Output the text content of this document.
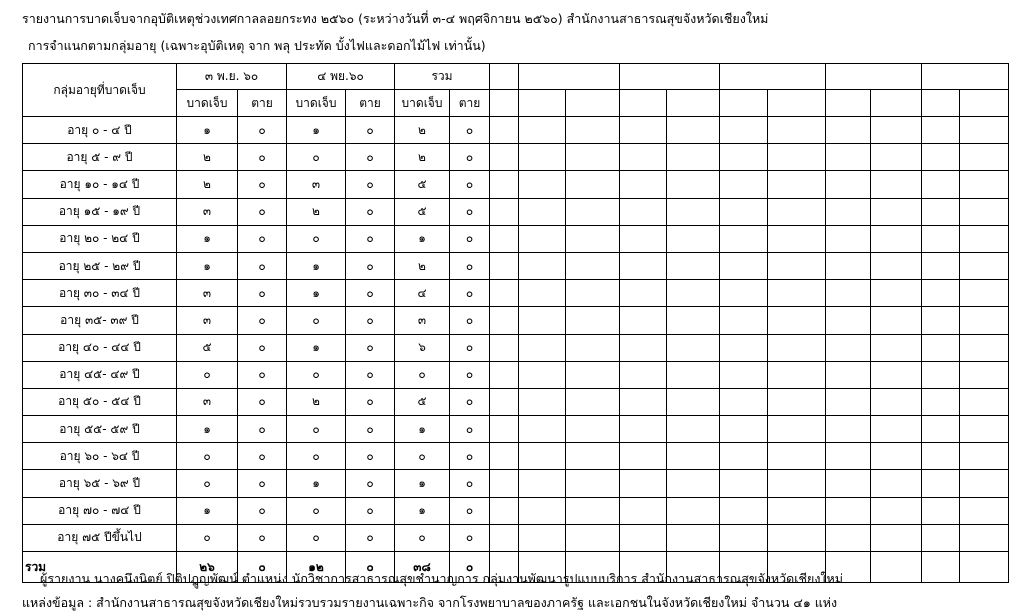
รายงานการบาดเจ็บจากอุบัติเหตุช่วงเทศกาลลอยกระทง ๒๕๖๐ (ระหว่างวันที่ ๓-๔ พฤศจิกายน ๒๕๖๐) สำนักงานสาธารณสุขจังหวัดเชียงใหม่
การจำแนกตามกลุ่มอายุ (เฉพาะอุบัติเหตุ จาก พลุ ประทัด บั้งไฟและดอกไม้ไฟ เท่านั้น)
กลุ่มอายุที่บาดเจ็บ	๓ พ.ย. ๖๐		๔ พย.๖๐		รวม												
	บาดเจ็บ	ตาย	บาดเจ็บ	ตาย	บาดเจ็บ	ตาย											
อายุ ๐ - ๔ ปี	๑	๐	๑	๐	๒	๐											
อายุ ๕ - ๙ ปี	๒	๐	๐	๐	๒	๐											
อายุ ๑๐ - ๑๔ ปี	๒	๐	๓	๐	๕	๐											
อายุ ๑๕ - ๑๙ ปี	๓	๐	๒	๐	๕	๐											
อายุ ๒๐ - ๒๔ ปี	๑	๐	๐	๐	๑	๐											
อายุ ๒๕ - ๒๙ ปี	๑	๐	๑	๐	๒	๐											
อายุ ๓๐ - ๓๔ ปี	๓	๐	๑	๐	๔	๐											
อายุ ๓๕- ๓๙ ปี	๓	๐	๐	๐	๓	๐											
อายุ ๔๐ - ๔๔ ปี	๕	๐	๑	๐	๖	๐											
อายุ ๔๕- ๔๙ ปี	๐	๐	๐	๐	๐	๐											
อายุ ๕๐ - ๕๔ ปี	๓	๐	๒	๐	๕	๐											
อายุ ๕๕- ๕๙ ปี	๑	๐	๐	๐	๑	๐											
อายุ ๖๐ - ๖๔ ปี	๐	๐	๐	๐	๐	๐											
อายุ ๖๕ - ๖๙ ปี	๐	๐	๑	๐	๑	๐											
อายุ ๗๐ - ๗๔ ปี	๑	๐	๐	๐	๑	๐											
อายุ ๗๕ ปีขึ้นไป	๐	๐	๐	๐	๐	๐											
รวม	๒๖	๐	๑๒	๐	๓๘	๐											
ผู้รายงาน นางคนึงนิตย์ ปิติปฎูญพัฒน์ ตำแหน่ง นักวิชาการสาธารณสุขชำนาญการ กลุ่มงานพัฒนารูปแบบบริการ สำนักงานสาธารณสุขจังหวัดเชียงใหม่
แหล่งข้อมูล : สำนักงานสาธารณสุขจังหวัดเชียงใหม่รวบรวมรายงานเฉพาะกิจ จากโรงพยาบาลของภาครัฐ และเอกชนในจังหวัดเชียงใหม่ จำนวน ๔๑ แห่ง
